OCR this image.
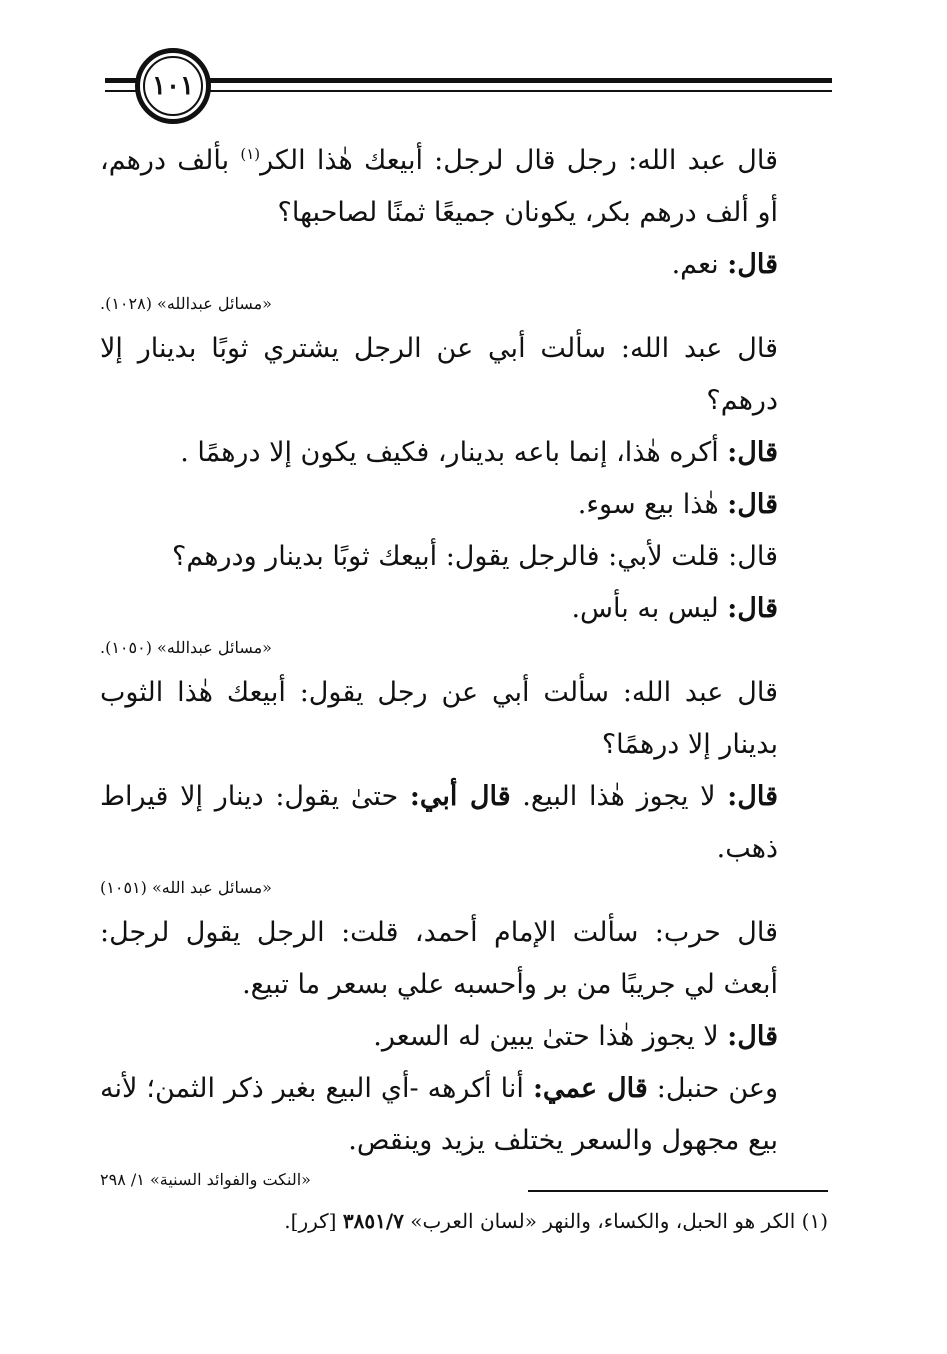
١٠١

قال عبد الله: رجل قال لرجل: أبيعك هٰذا الكر$^{(١)}$ بألف درهم، أو ألف درهم بكر، يكونان جميعًا ثمنًا لصاحبها؟

قال: نعم.

«مسائل عبدالله» (١٠٢٨).

قال عبد الله: سألت أبي عن الرجل يشتري ثوبًا بدينار إلا درهم؟

قال: أكره هٰذا، إنما باعه بدينار، فكيف يكون إلا درهمًا .

قال: هٰذا بيع سوء.

قال: قلت لأبي: فالرجل يقول: أبيعك ثوبًا بدينار ودرهم؟

قال: ليس به بأس.

«مسائل عبدالله» (١٠٥٠).

قال عبد الله: سألت أبي عن رجل يقول: أبيعك هٰذا الثوب بدينار إلا درهمًا؟

قال: لا يجوز هٰذا البيع. قال أبي: حتىٰ يقول: دينار إلا قيراط ذهب.

«مسائل عبد الله» (١٠٥١)

قال حرب: سألت الإمام أحمد، قلت: الرجل يقول لرجل: أبعث لي جريبًا من بر وأحسبه علي بسعر ما تبيع.

قال: لا يجوز هٰذا حتىٰ يبين له السعر.

وعن حنبل: قال عمي: أنا أكرهه -أي البيع بغير ذكر الثمن؛ لأنه بيع مجهول والسعر يختلف يزيد وينقص.

«النكت والفوائد السنية» ١/ ٢٩٨

(١) الكر هو الحبل، والكساء، والنهر «لسان العرب» ٣٨٥١/٧ [كرر].
